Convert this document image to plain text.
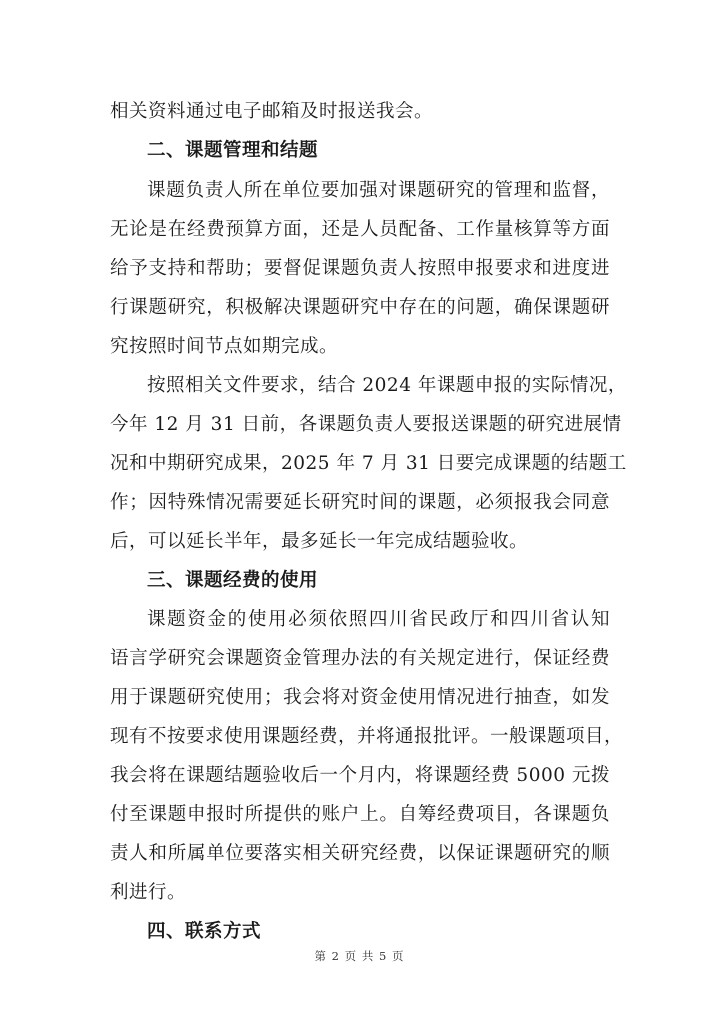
相关资料通过电子邮箱及时报送我会。
二、课题管理和结题
课题负责人所在单位要加强对课题研究的管理和监督，
无论是在经费预算方面，还是人员配备、工作量核算等方面
给予支持和帮助；要督促课题负责人按照申报要求和进度进
行课题研究，积极解决课题研究中存在的问题，确保课题研
究按照时间节点如期完成。
按照相关文件要求，结合 2024 年课题申报的实际情况，
今年 12 月 31 日前，各课题负责人要报送课题的研究进展情
况和中期研究成果，2025 年 7 月 31 日要完成课题的结题工
作；因特殊情况需要延长研究时间的课题，必须报我会同意
后，可以延长半年，最多延长一年完成结题验收。
三、课题经费的使用
课题资金的使用必须依照四川省民政厅和四川省认知
语言学研究会课题资金管理办法的有关规定进行，保证经费
用于课题研究使用；我会将对资金使用情况进行抽查，如发
现有不按要求使用课题经费，并将通报批评。一般课题项目，
我会将在课题结题验收后一个月内，将课题经费 5000 元拨
付至课题申报时所提供的账户上。自筹经费项目，各课题负
责人和所属单位要落实相关研究经费，以保证课题研究的顺
利进行。
四、联系方式
第 2 页 共 5 页
